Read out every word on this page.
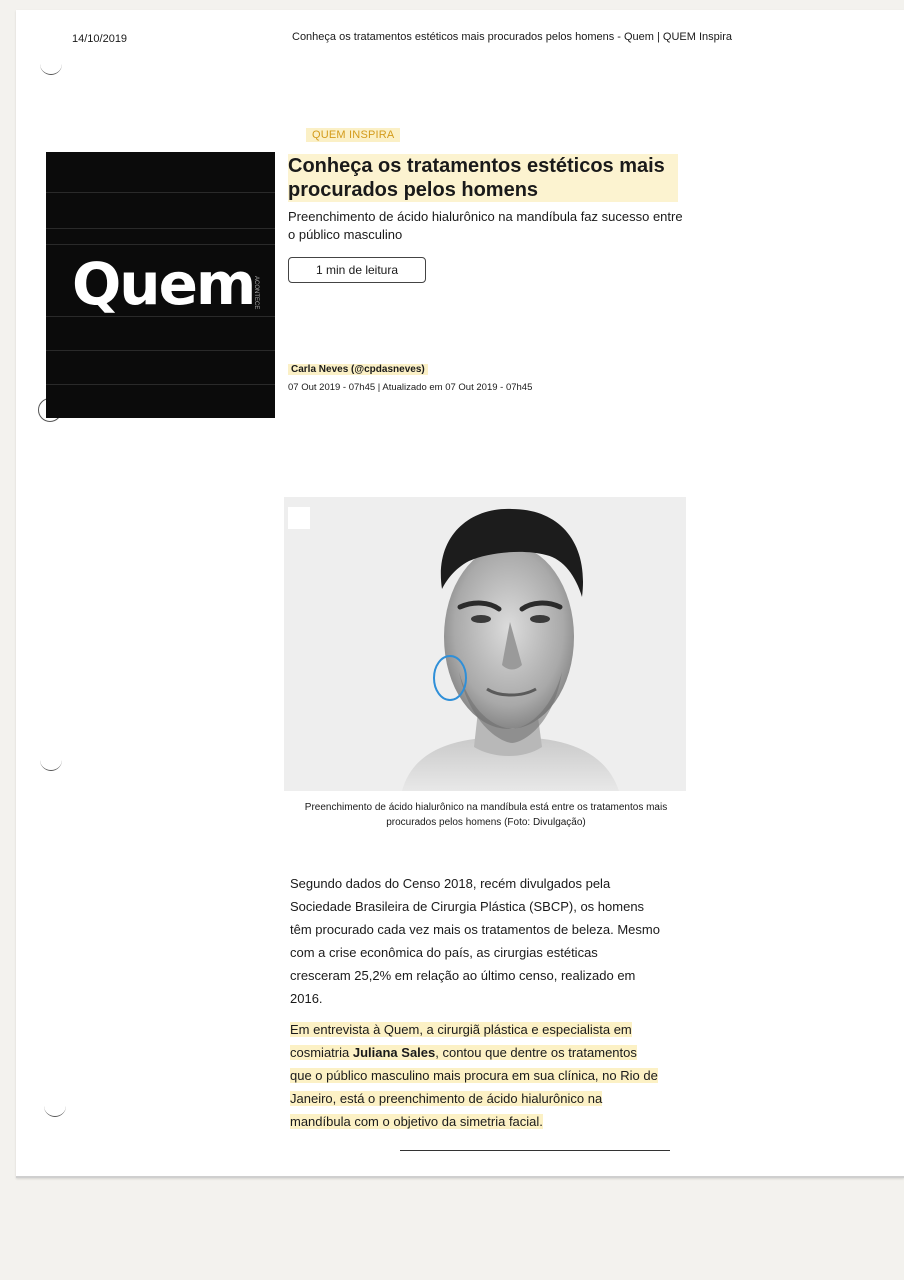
14/10/2019	Conheça os tratamentos estéticos mais procurados pelos homens - Quem | QUEM Inspira
QUEM INSPIRA
Quem
ACONTECE
Conheça os tratamentos estéticos mais procurados pelos homens
Preenchimento de ácido hialurônico na mandíbula faz sucesso entre o público masculino
1 min de leitura
Carla Neves (@cpdasneves)
07 Out 2019 - 07h45 | Atualizado em 07 Out 2019 - 07h45
Preenchimento de ácido hialurônico na mandíbula está entre os tratamentos mais procurados pelos homens (Foto: Divulgação)

Segundo dados do Censo 2018, recém divulgados pela Sociedade Brasileira de Cirurgia Plástica (SBCP), os homens têm procurado cada vez mais os tratamentos de beleza. Mesmo com a crise econômica do país, as cirurgias estéticas cresceram 25,2% em relação ao último censo, realizado em 2016.

Em entrevista à Quem, a cirurgiã plástica e especialista em cosmiatria Juliana Sales, contou que dentre os tratamentos que o público masculino mais procura em sua clínica, no Rio de Janeiro, está o preenchimento de ácido hialurônico na mandíbula com o objetivo da simetria facial.
